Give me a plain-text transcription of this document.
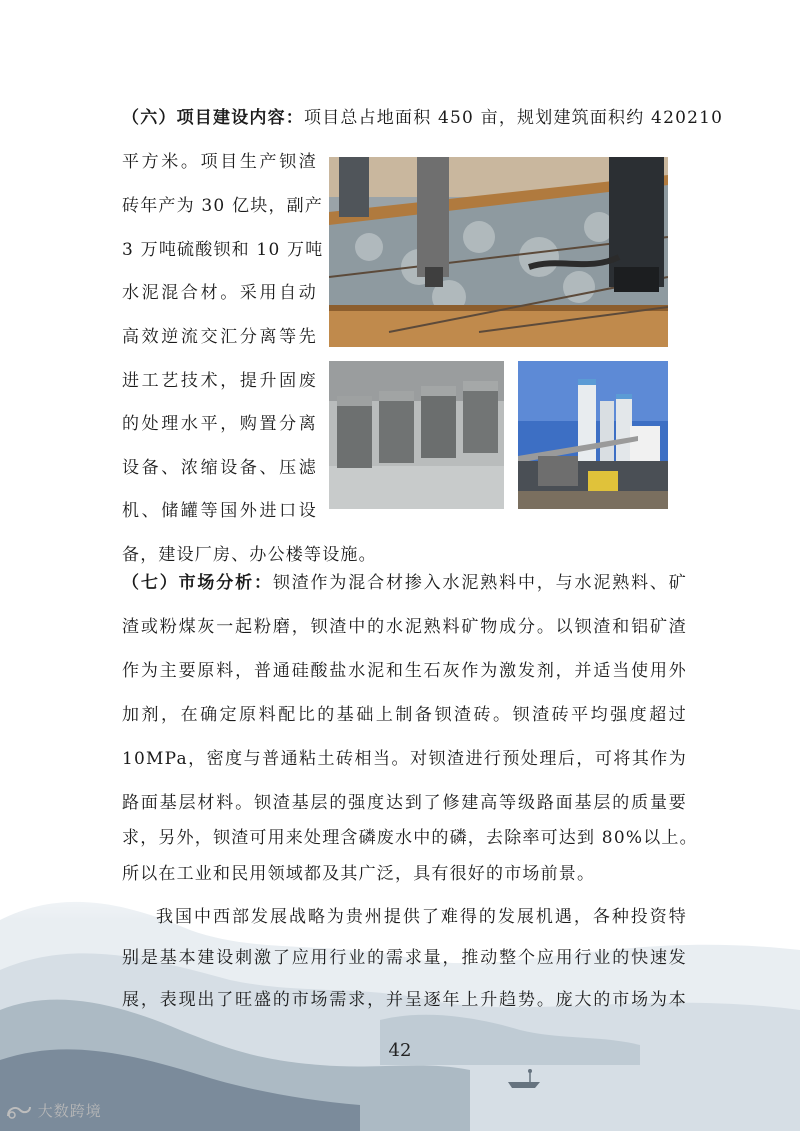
（六）项目建设内容：项目总占地面积 450 亩，规划建筑面积约 420210
平方米。项目生产钡渣
砖年产为 30 亿块，副产
3 万吨硫酸钡和 10 万吨
水泥混合材。采用自动
高效逆流交汇分离等先
进工艺技术，提升固废
的处理水平，购置分离
设备、浓缩设备、压滤
机、储罐等国外进口设
备，建设厂房、办公楼等设施。
（七）市场分析：钡渣作为混合材掺入水泥熟料中，与水泥熟料、矿
渣或粉煤灰一起粉磨，钡渣中的水泥熟料矿物成分。以钡渣和铝矿渣
作为主要原料，普通硅酸盐水泥和生石灰作为激发剂，并适当使用外
加剂，在确定原料配比的基础上制备钡渣砖。钡渣砖平均强度超过
10MPa，密度与普通粘土砖相当。对钡渣进行预处理后，可将其作为
路面基层材料。钡渣基层的强度达到了修建高等级路面基层的质量要
求，另外，钡渣可用来处理含磷废水中的磷，去除率可达到 80%以上。
所以在工业和民用领域都及其广泛，具有很好的市场前景。
我国中西部发展战略为贵州提供了难得的发展机遇，各种投资特
别是基本建设刺激了应用行业的需求量，推动整个应用行业的快速发
展，表现出了旺盛的市场需求，并呈逐年上升趋势。庞大的市场为本
42
大数跨境
